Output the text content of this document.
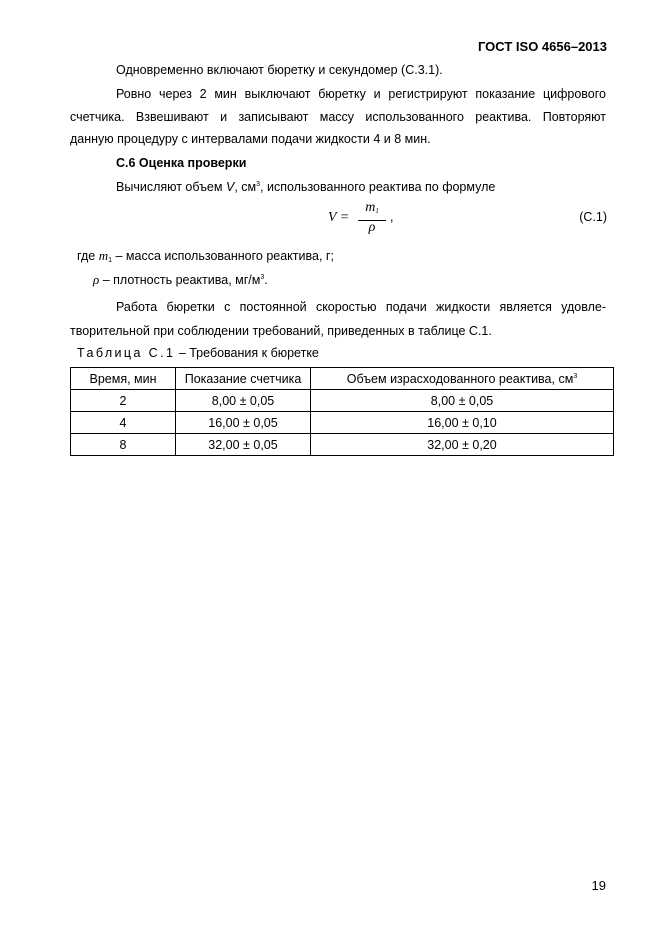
ГОСТ ISO 4656–2013
Одновременно включают бюретку и секундомер (С.3.1).
Ровно через 2 мин выключают бюретку и регистрируют показание цифрового
счетчика. Взвешивают и записывают массу использованного реактива. Повторяют
данную процедуру с интервалами подачи жидкости 4 и 8 мин.
С.6 Оценка проверки
Вычисляют объем V, $см^3$, использованного реактива по формуле
V =
$m_1$
ρ
,	(С.1)
где $m_1$ – масса использованного реактива, г;
ρ – плотность реактива, $мг/м^3$.
Работа бюретки с постоянной скоростью подачи жидкости является удовле-
творительной при соблюдении требований, приведенных в таблице С.1.
Таблица С.1 – Требования к бюретке
Время, мин	Показание счетчика	Объем израсходованного реактива, $см^3$
2	8,00 ± 0,05	8,00 ± 0,05
4	16,00 ± 0,05	16,00 ± 0,10
8	32,00 ± 0,05	32,00 ± 0,20
19
